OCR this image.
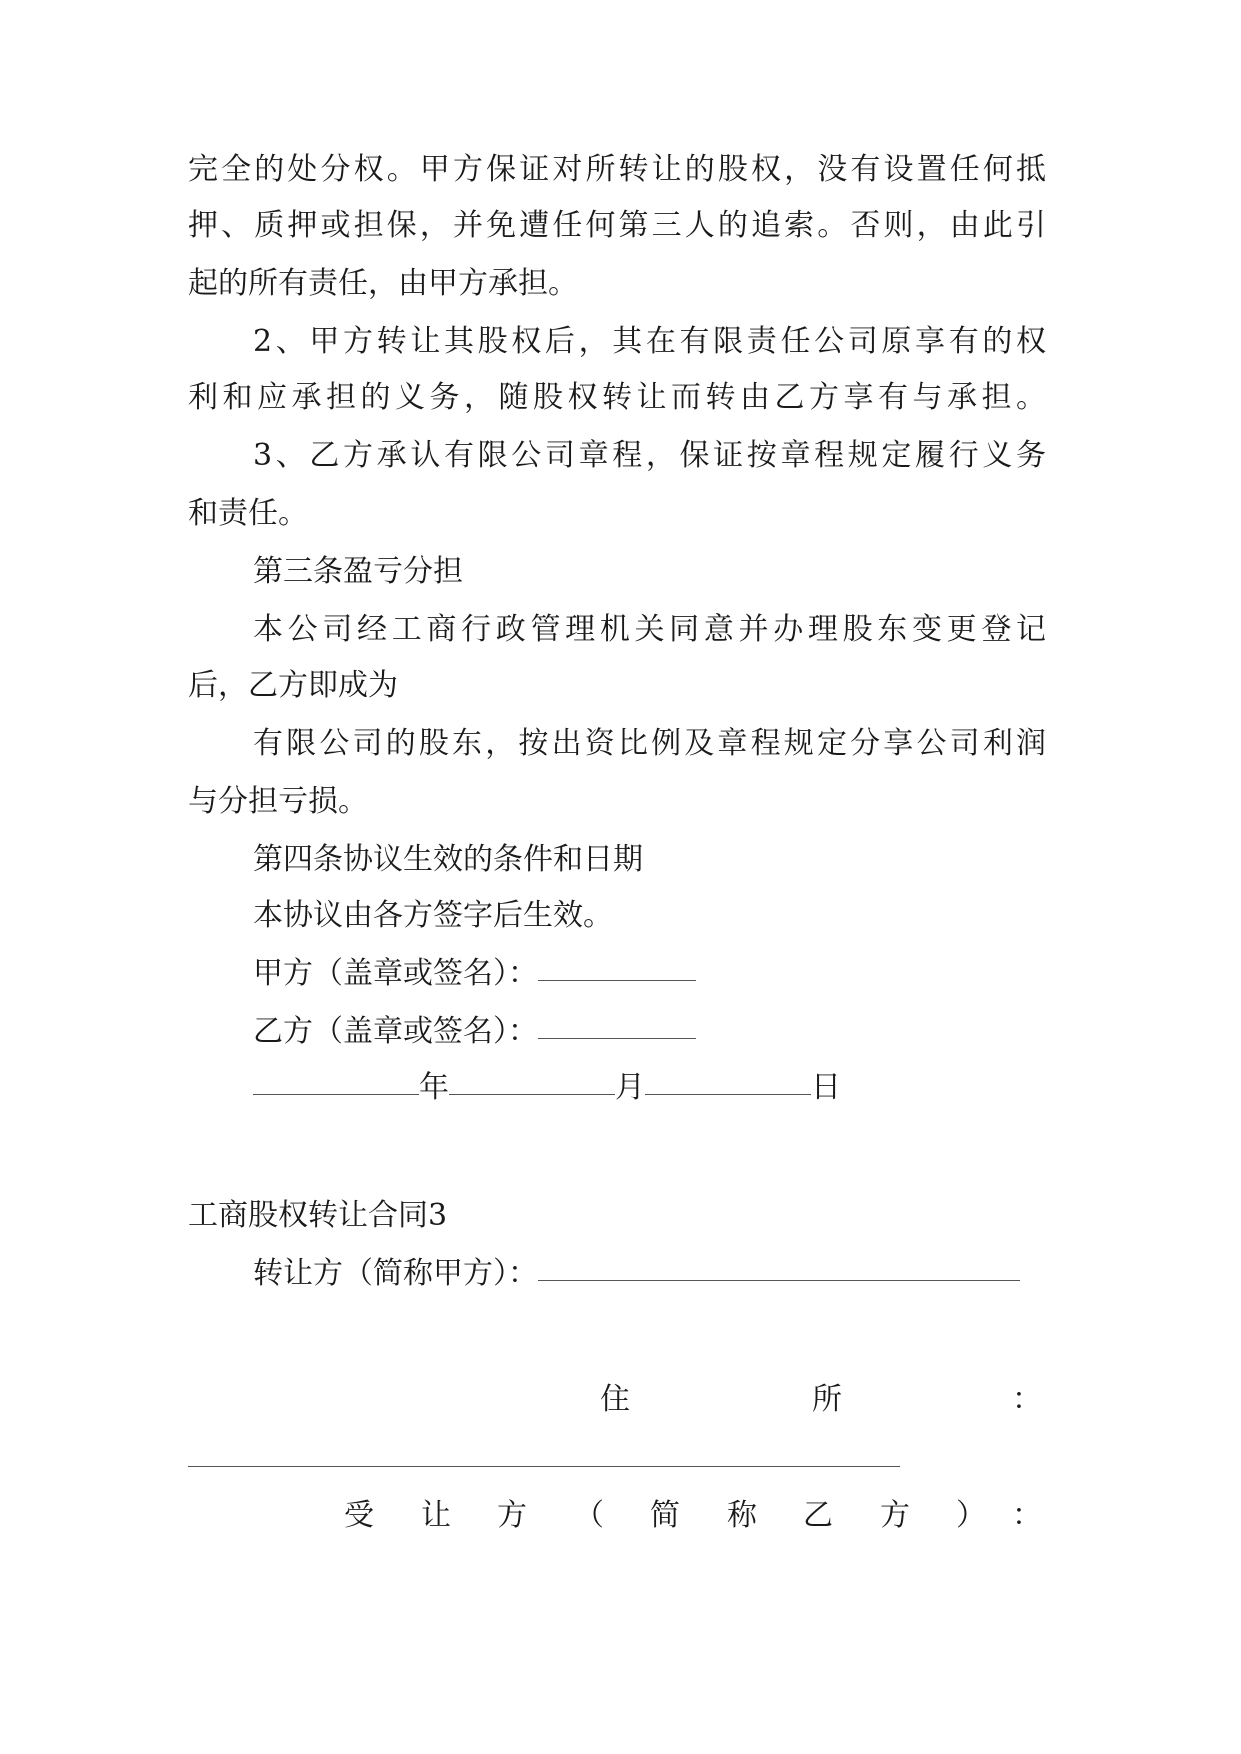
完全的处分权。甲方保证对所转让的股权，没有设置任何抵
押、质押或担保，并免遭任何第三人的追索。否则，由此引
起的所有责任，由甲方承担。
2、甲方转让其股权后，其在有限责任公司原享有的权
利和应承担的义务，随股权转让而转由乙方享有与承担。
3、乙方承认有限公司章程，保证按章程规定履行义务
和责任。
第三条盈亏分担
本公司经工商行政管理机关同意并办理股东变更登记
后，乙方即成为
有限公司的股东，按出资比例及章程规定分享公司利润
与分担亏损。
第四条协议生效的条件和日期
本协议由各方签字后生效。
甲方（盖章或签名）：
乙方（盖章或签名）：
年	月	日
工商股权转让合同3
转让方（简称甲方）：
住	所	：
受 让 方 （ 简 称 乙 方 ） ：
